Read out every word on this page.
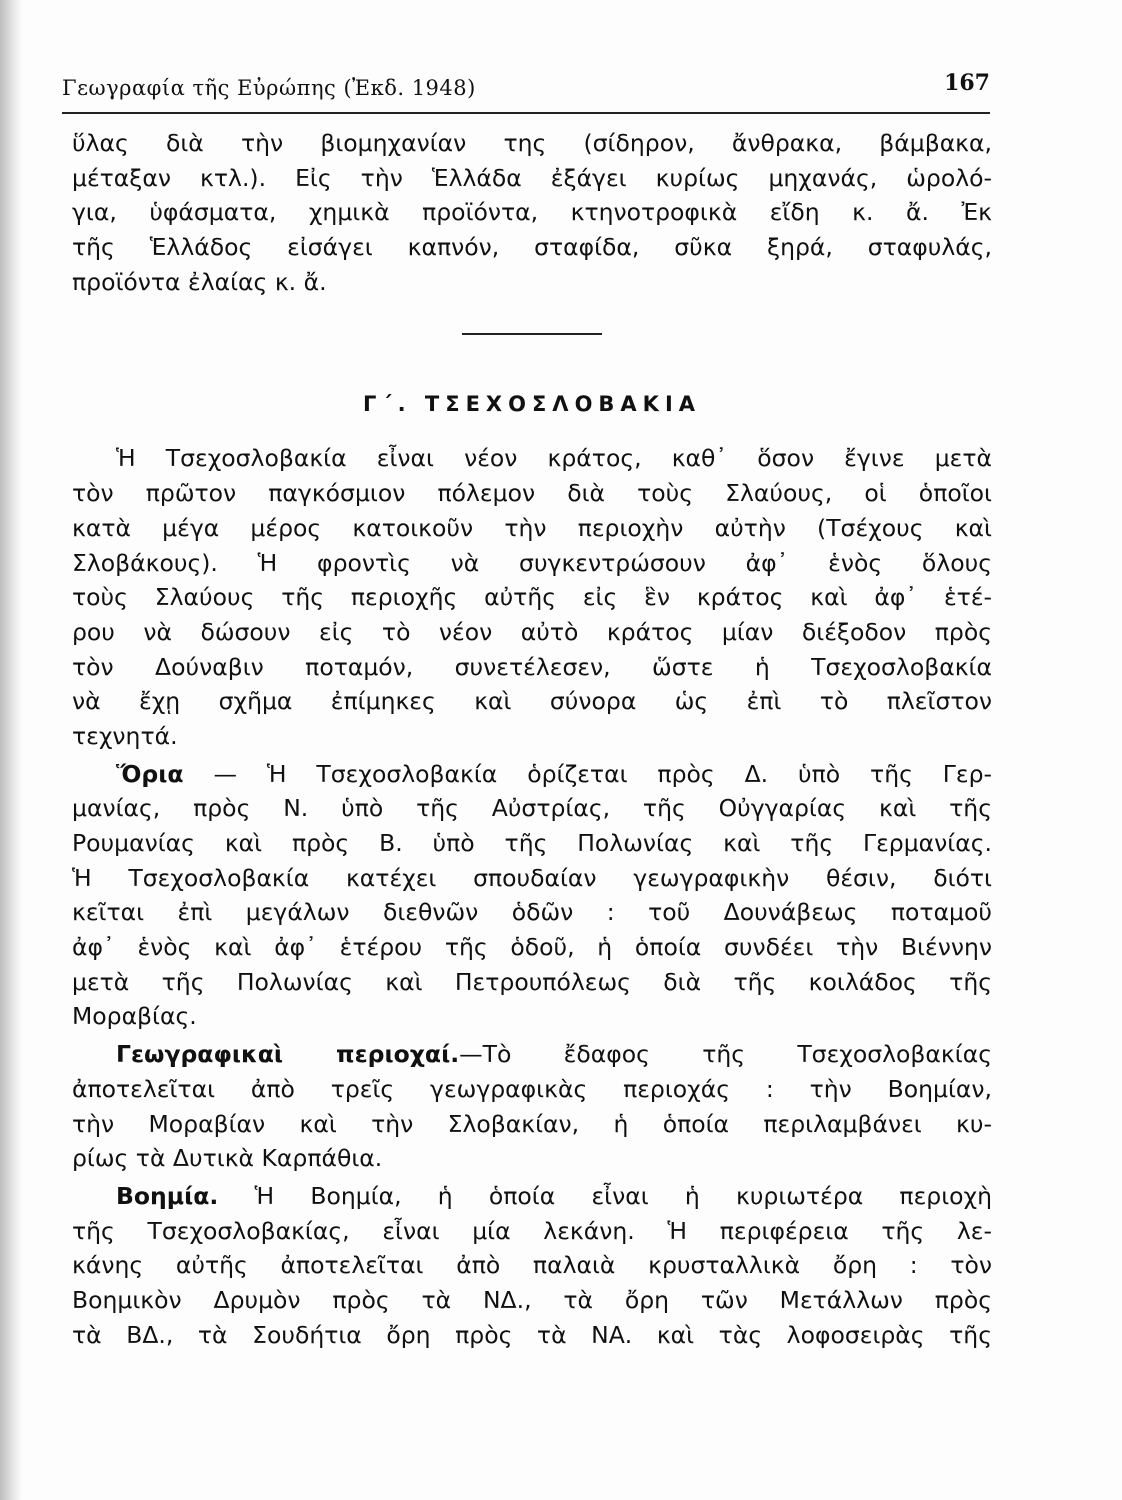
Γεωγραφία τῆς Εὐρώπης (Ἐκδ. 1948)	167
ὕλας διὰ τὴν βιομηχανίαν της (σίδηρον, ἄνθρακα, βάμβακα,
μέταξαν κτλ.). Εἰς τὴν Ἑλλάδα ἐξάγει κυρίως μηχανάς, ὡρολό-
για, ὑφάσματα, χημικὰ προϊόντα, κτηνοτροφικὰ εἴδη κ. ἄ. Ἐκ
τῆς Ἑλλάδος εἰσάγει καπνόν, σταφίδα, σῦκα ξηρά, σταφυλάς,
προϊόντα ἐλαίας κ. ἄ.
Γ΄. ΤΣΕΧΟΣΛΟΒΑΚΙΑ
Ἡ Τσεχοσλοβακία εἶναι νέον κράτος, καθ᾽ ὅσον ἔγινε μετὰ
τὸν πρῶτον παγκόσμιον πόλεμον διὰ τοὺς Σλαύους, οἱ ὁποῖοι
κατὰ μέγα μέρος κατοικοῦν τὴν περιοχὴν αὐτὴν (Τσέχους καὶ
Σλοβάκους). Ἡ φροντὶς νὰ συγκεντρώσουν ἀφ᾽ ἑνὸς ὅλους
τοὺς Σλαύους τῆς περιοχῆς αὐτῆς εἰς ἓν κράτος καὶ ἀφ᾽ ἑτέ-
ρου νὰ δώσουν εἰς τὸ νέον αὐτὸ κράτος μίαν διέξοδον πρὸς
τὸν Δούναβιν ποταμόν, συνετέλεσεν, ὥστε ἡ Τσεχοσλοβακία
νὰ ἔχῃ σχῆμα ἐπίμηκες καὶ σύνορα ὡς ἐπὶ τὸ πλεῖστον
τεχνητά.
Ὅρια — Ἡ Τσεχοσλοβακία ὁρίζεται πρὸς Δ. ὑπὸ τῆς Γερ-
μανίας, πρὸς Ν. ὑπὸ τῆς Αὐστρίας, τῆς Οὐγγαρίας καὶ τῆς
Ρουμανίας καὶ πρὸς Β. ὑπὸ τῆς Πολωνίας καὶ τῆς Γερμανίας.
Ἡ Τσεχοσλοβακία κατέχει σπουδαίαν γεωγραφικὴν θέσιν, διότι
κεῖται ἐπὶ μεγάλων διεθνῶν ὁδῶν : τοῦ Δουνάβεως ποταμοῦ
ἀφ᾽ ἑνὸς καὶ ἀφ᾽ ἑτέρου τῆς ὁδοῦ, ἡ ὁποία συνδέει τὴν Βιέννην
μετὰ τῆς Πολωνίας καὶ Πετρουπόλεως διὰ τῆς κοιλάδος τῆς
Μοραβίας.
Γεωγραφικαὶ περιοχαί.—Τὸ ἔδαφος τῆς Τσεχοσλοβακίας
ἀποτελεῖται ἀπὸ τρεῖς γεωγραφικὰς περιοχάς : τὴν Βοημίαν,
τὴν Μοραβίαν καὶ τὴν Σλοβακίαν, ἡ ὁποία περιλαμβάνει κυ-
ρίως τὰ Δυτικὰ Καρπάθια.
Βοημία. Ἡ Βοημία, ἡ ὁποία εἶναι ἡ κυριωτέρα περιοχὴ
τῆς Τσεχοσλοβακίας, εἶναι μία λεκάνη. Ἡ περιφέρεια τῆς λε-
κάνης αὐτῆς ἀποτελεῖται ἀπὸ παλαιὰ κρυσταλλικὰ ὄρη : τὸν
Βοημικὸν Δρυμὸν πρὸς τὰ ΝΔ., τὰ ὄρη τῶν Μετάλλων πρὸς
τὰ ΒΔ., τὰ Σουδήτια ὄρη πρὸς τὰ ΝΑ. καὶ τὰς λοφοσειρὰς τῆς
